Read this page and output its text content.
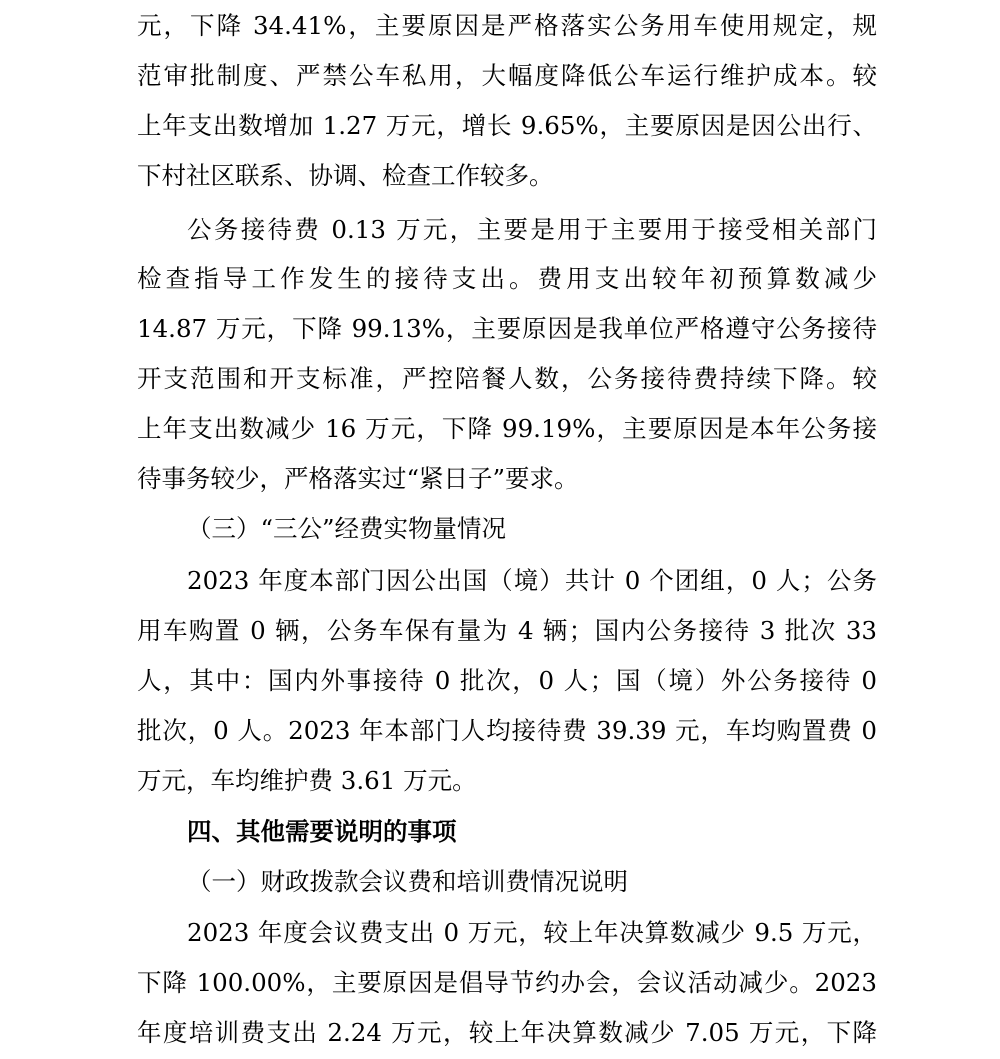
元，下降 34.41%，主要原因是严格落实公务用车使用规定，规
范审批制度、严禁公车私用，大幅度降低公车运行维护成本。较
上年支出数增加 1.27 万元，增长 9.65%，主要原因是因公出行、
下村社区联系、协调、检查工作较多。
公务接待费 0.13 万元，主要是用于主要用于接受相关部门
检查指导工作发生的接待支出。费用支出较年初预算数减少
14.87 万元，下降 99.13%，主要原因是我单位严格遵守公务接待
开支范围和开支标准，严控陪餐人数，公务接待费持续下降。较
上年支出数减少 16 万元，下降 99.19%，主要原因是本年公务接
待事务较少，严格落实过“紧日子”要求。
（三）“三公”经费实物量情况
2023 年度本部门因公出国（境）共计 0 个团组，0 人；公务
用车购置 0 辆，公务车保有量为 4 辆；国内公务接待 3 批次 33
人，其中：国内外事接待 0 批次，0 人；国（境）外公务接待 0
批次，0 人。2023 年本部门人均接待费 39.39 元，车均购置费 0
万元，车均维护费 3.61 万元。
四、其他需要说明的事项
（一）财政拨款会议费和培训费情况说明
2023 年度会议费支出 0 万元，较上年决算数减少 9.5 万元，
下降 100.00%，主要原因是倡导节约办会，会议活动减少。2023
年度培训费支出 2.24 万元，较上年决算数减少 7.05 万元，下降
